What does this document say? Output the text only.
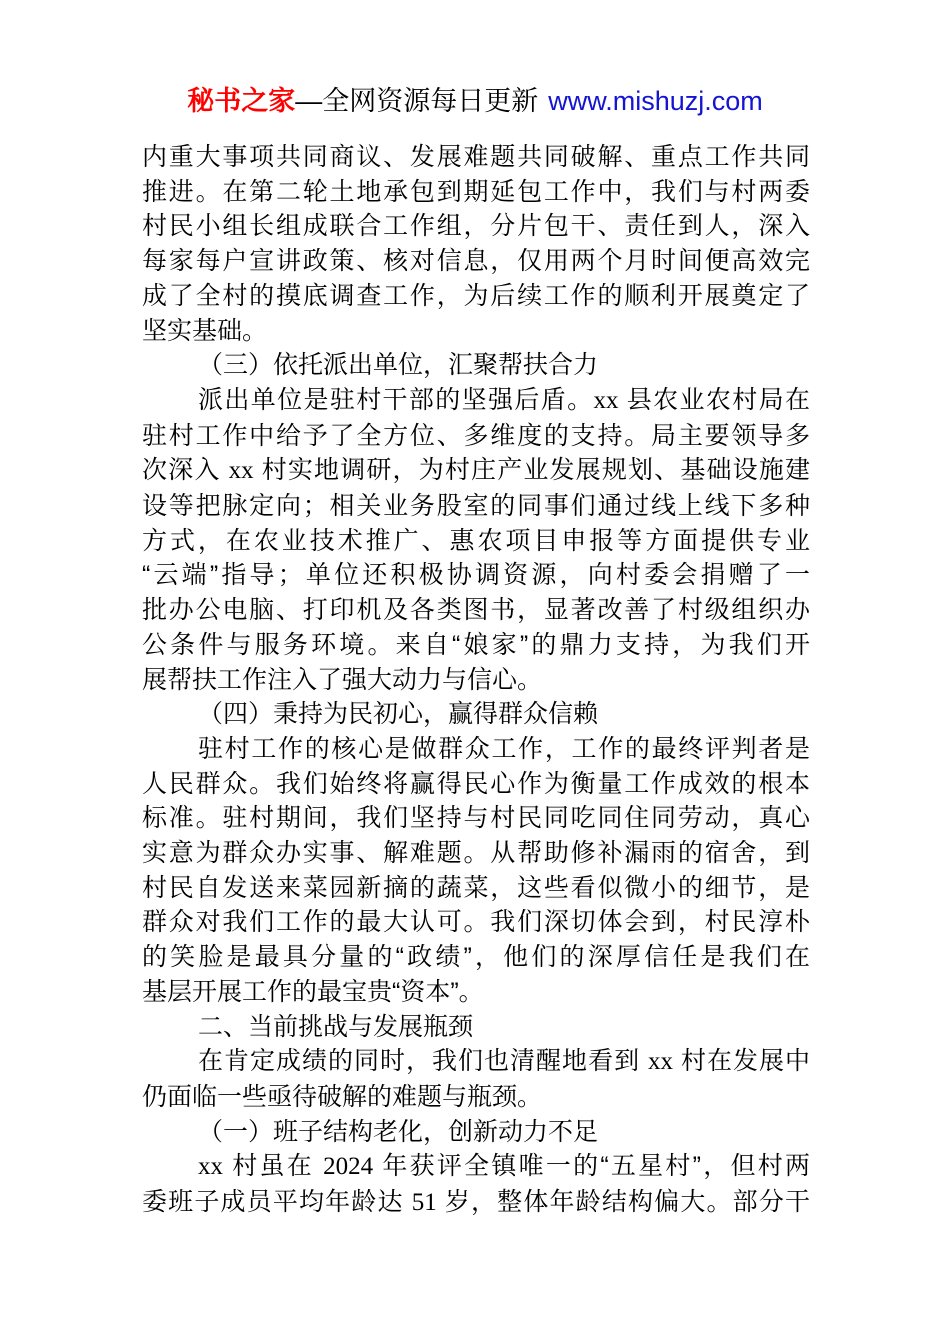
秘书之家—全网资源每日更新 www.mishuzj.com

内重大事项共同商议、发展难题共同破解、重点工作共同

推进。在第二轮土地承包到期延包工作中，我们与村两委

村民小组长组成联合工作组，分片包干、责任到人，深入

每家每户宣讲政策、核对信息，仅用两个月时间便高效完

成了全村的摸底调查工作，为后续工作的顺利开展奠定了

坚实基础。

（三）依托派出单位，汇聚帮扶合力

派出单位是驻村干部的坚强后盾。xx 县农业农村局在

驻村工作中给予了全方位、多维度的支持。局主要领导多

次深入 xx 村实地调研，为村庄产业发展规划、基础设施建

设等把脉定向；相关业务股室的同事们通过线上线下多种

方式，在农业技术推广、惠农项目申报等方面提供专业

“云端”指导；单位还积极协调资源，向村委会捐赠了一

批办公电脑、打印机及各类图书，显著改善了村级组织办

公条件与服务环境。来自“娘家”的鼎力支持，为我们开

展帮扶工作注入了强大动力与信心。

（四）秉持为民初心，赢得群众信赖

驻村工作的核心是做群众工作，工作的最终评判者是

人民群众。我们始终将赢得民心作为衡量工作成效的根本

标准。驻村期间，我们坚持与村民同吃同住同劳动，真心

实意为群众办实事、解难题。从帮助修补漏雨的宿舍，到

村民自发送来菜园新摘的蔬菜，这些看似微小的细节，是

群众对我们工作的最大认可。我们深切体会到，村民淳朴

的笑脸是最具分量的“政绩”，他们的深厚信任是我们在

基层开展工作的最宝贵“资本”。

二、当前挑战与发展瓶颈

在肯定成绩的同时，我们也清醒地看到 xx 村在发展中

仍面临一些亟待破解的难题与瓶颈。

（一）班子结构老化，创新动力不足

xx 村虽在 2024 年获评全镇唯一的“五星村”，但村两

委班子成员平均年龄达 51 岁，整体年龄结构偏大。部分干
